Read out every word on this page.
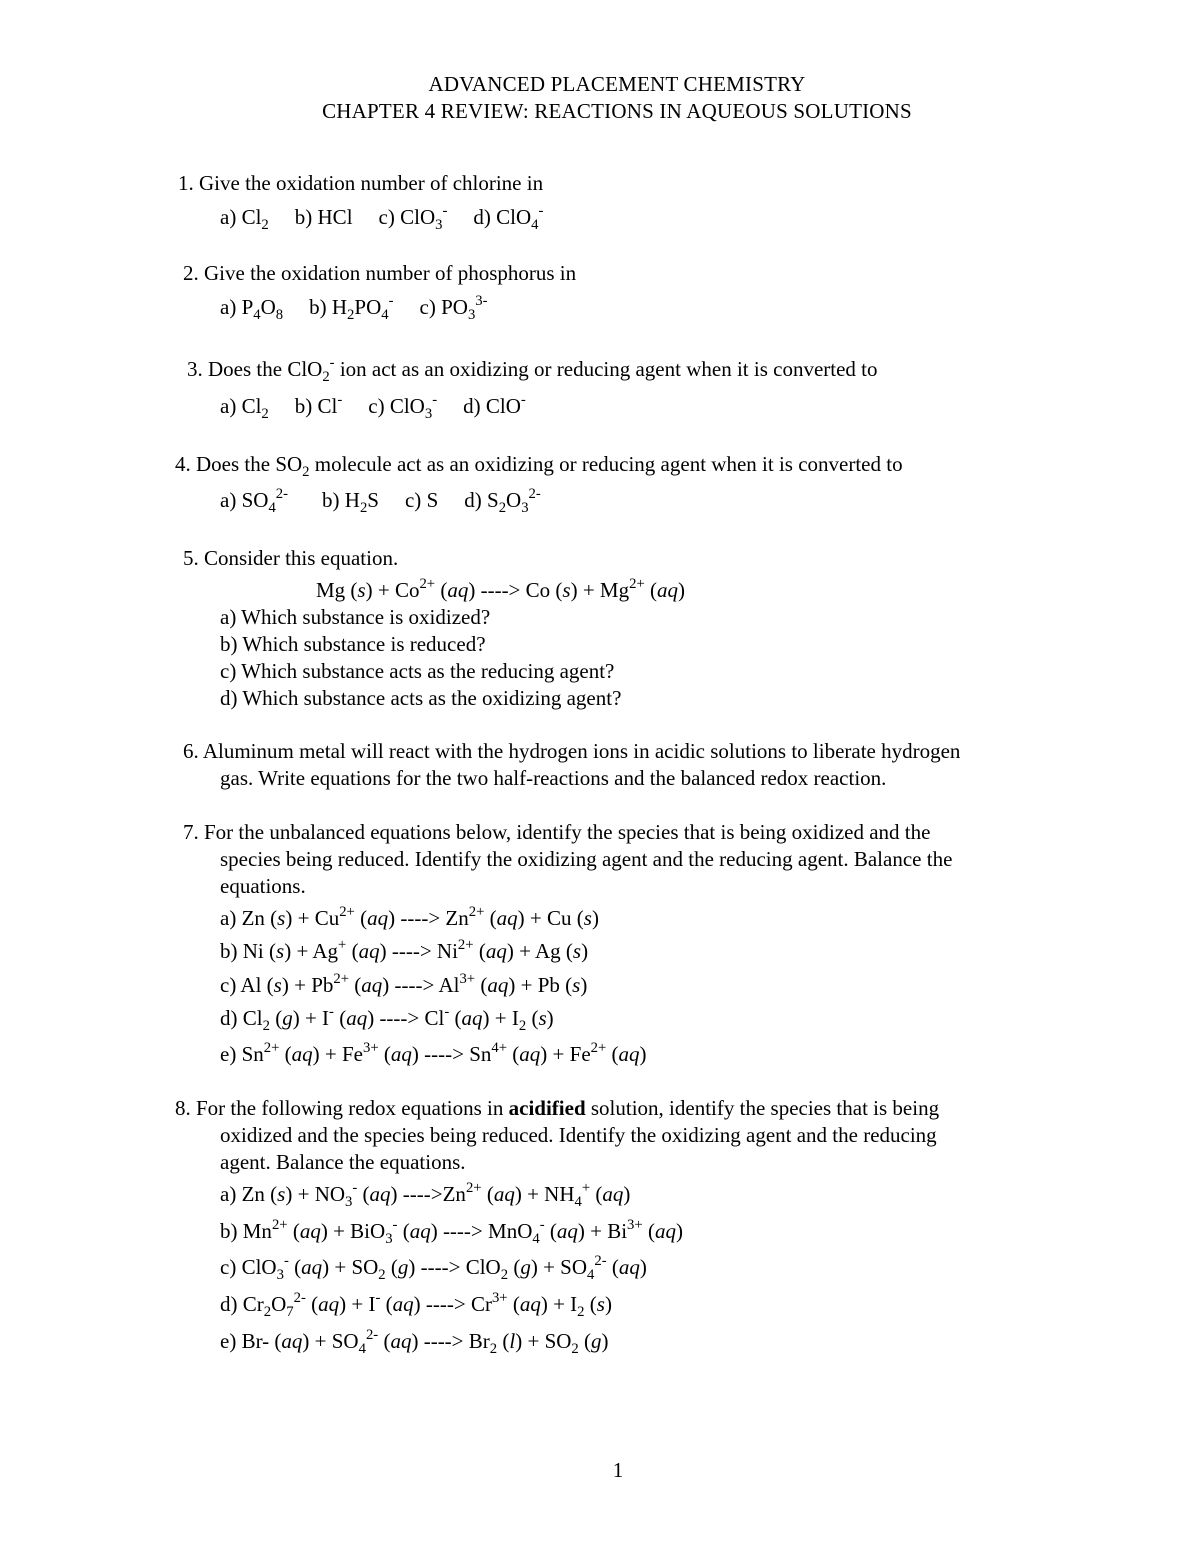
ADVANCED PLACEMENT CHEMISTRY
CHAPTER 4 REVIEW: REACTIONS IN AQUEOUS SOLUTIONS
1. Give the oxidation number of chlorine in
a) $Cl_2$ b) HCl c) ClO$_3$- d) ClO$_4$-
2. Give the oxidation number of phosphorus in
a) $P_4O_8$ b) $H_2PO_4^-$ c) $PO_3^{3-}$
3. Does the ClO$_2$- ion act as an oxidizing or reducing agent when it is converted to
a) $Cl_2$ b) Cl- c) ClO$_3$- d) ClO-
4. Does the $SO_2$ molecule act as an oxidizing or reducing agent when it is converted to
a) $SO_4^{2-}$ b) $H_2S$ c) S d) $S_2O_3^{2-}$
5. Consider this equation.
Mg $(s) + Co^{2+}$ (aq) ----> Co $(s) + Mg^{2+}$ (aq)
a) Which substance is oxidized?
b) Which substance is reduced?
c) Which substance acts as the reducing agent?
d) Which substance acts as the oxidizing agent?
6. Aluminum metal will react with the hydrogen ions in acidic solutions to liberate hydrogen
gas. Write equations for the two half-reactions and the balanced redox reaction.
7. For the unbalanced equations below, identify the species that is being oxidized and the
species being reduced. Identify the oxidizing agent and the reducing agent. Balance the
equations.
a) Zn $(s) + Cu^{2+}$ (aq) ----> $Zn^{2+}$ (aq) + Cu (s)
b) Ni (s) + Ag+ (aq) ----> $Ni^{2+}$ (aq) + Ag (s)
c) Al $(s) + Pb^{2+}$ (aq) ----> $Al^{3+}$ (aq) + Pb (s)
d) $Cl_2$ (g) + I- (aq) ----> Cl- $(aq) + I_2$ (s)
e) $Sn^{2+}$ $(aq) + Fe^{3+}$ (aq) ----> $Sn^{4+}$ $(aq) + Fe^{2+}$ (aq)
8. For the following redox equations in acidified solution, identify the species that is being
oxidized and the species being reduced. Identify the oxidizing agent and the reducing
agent. Balance the equations.
a) Zn $(s) + NO_3^-$ (aq) $---->Zn^{2+}$ $(aq) + NH_4^+$ (aq)
b) $Mn^{2+}$ (aq) + BiO$_3$- (aq) ----> MnO$_4$- $(aq) + Bi^{3+}$ (aq)
c) ClO$_3$- $(aq) + SO_2$ (g) ----> ClO$_2$ $(g) + SO_4^{2-}$ (aq)
d) $Cr_2O_7^{2-}$ (aq) + I- (aq) ----> $Cr^{3+}$ $(aq) + I_2$ (s)
e) Br- $(aq) + SO_4^{2-}$ (aq) ----> $Br_2$ $(l) + SO_2$ (g)
1
